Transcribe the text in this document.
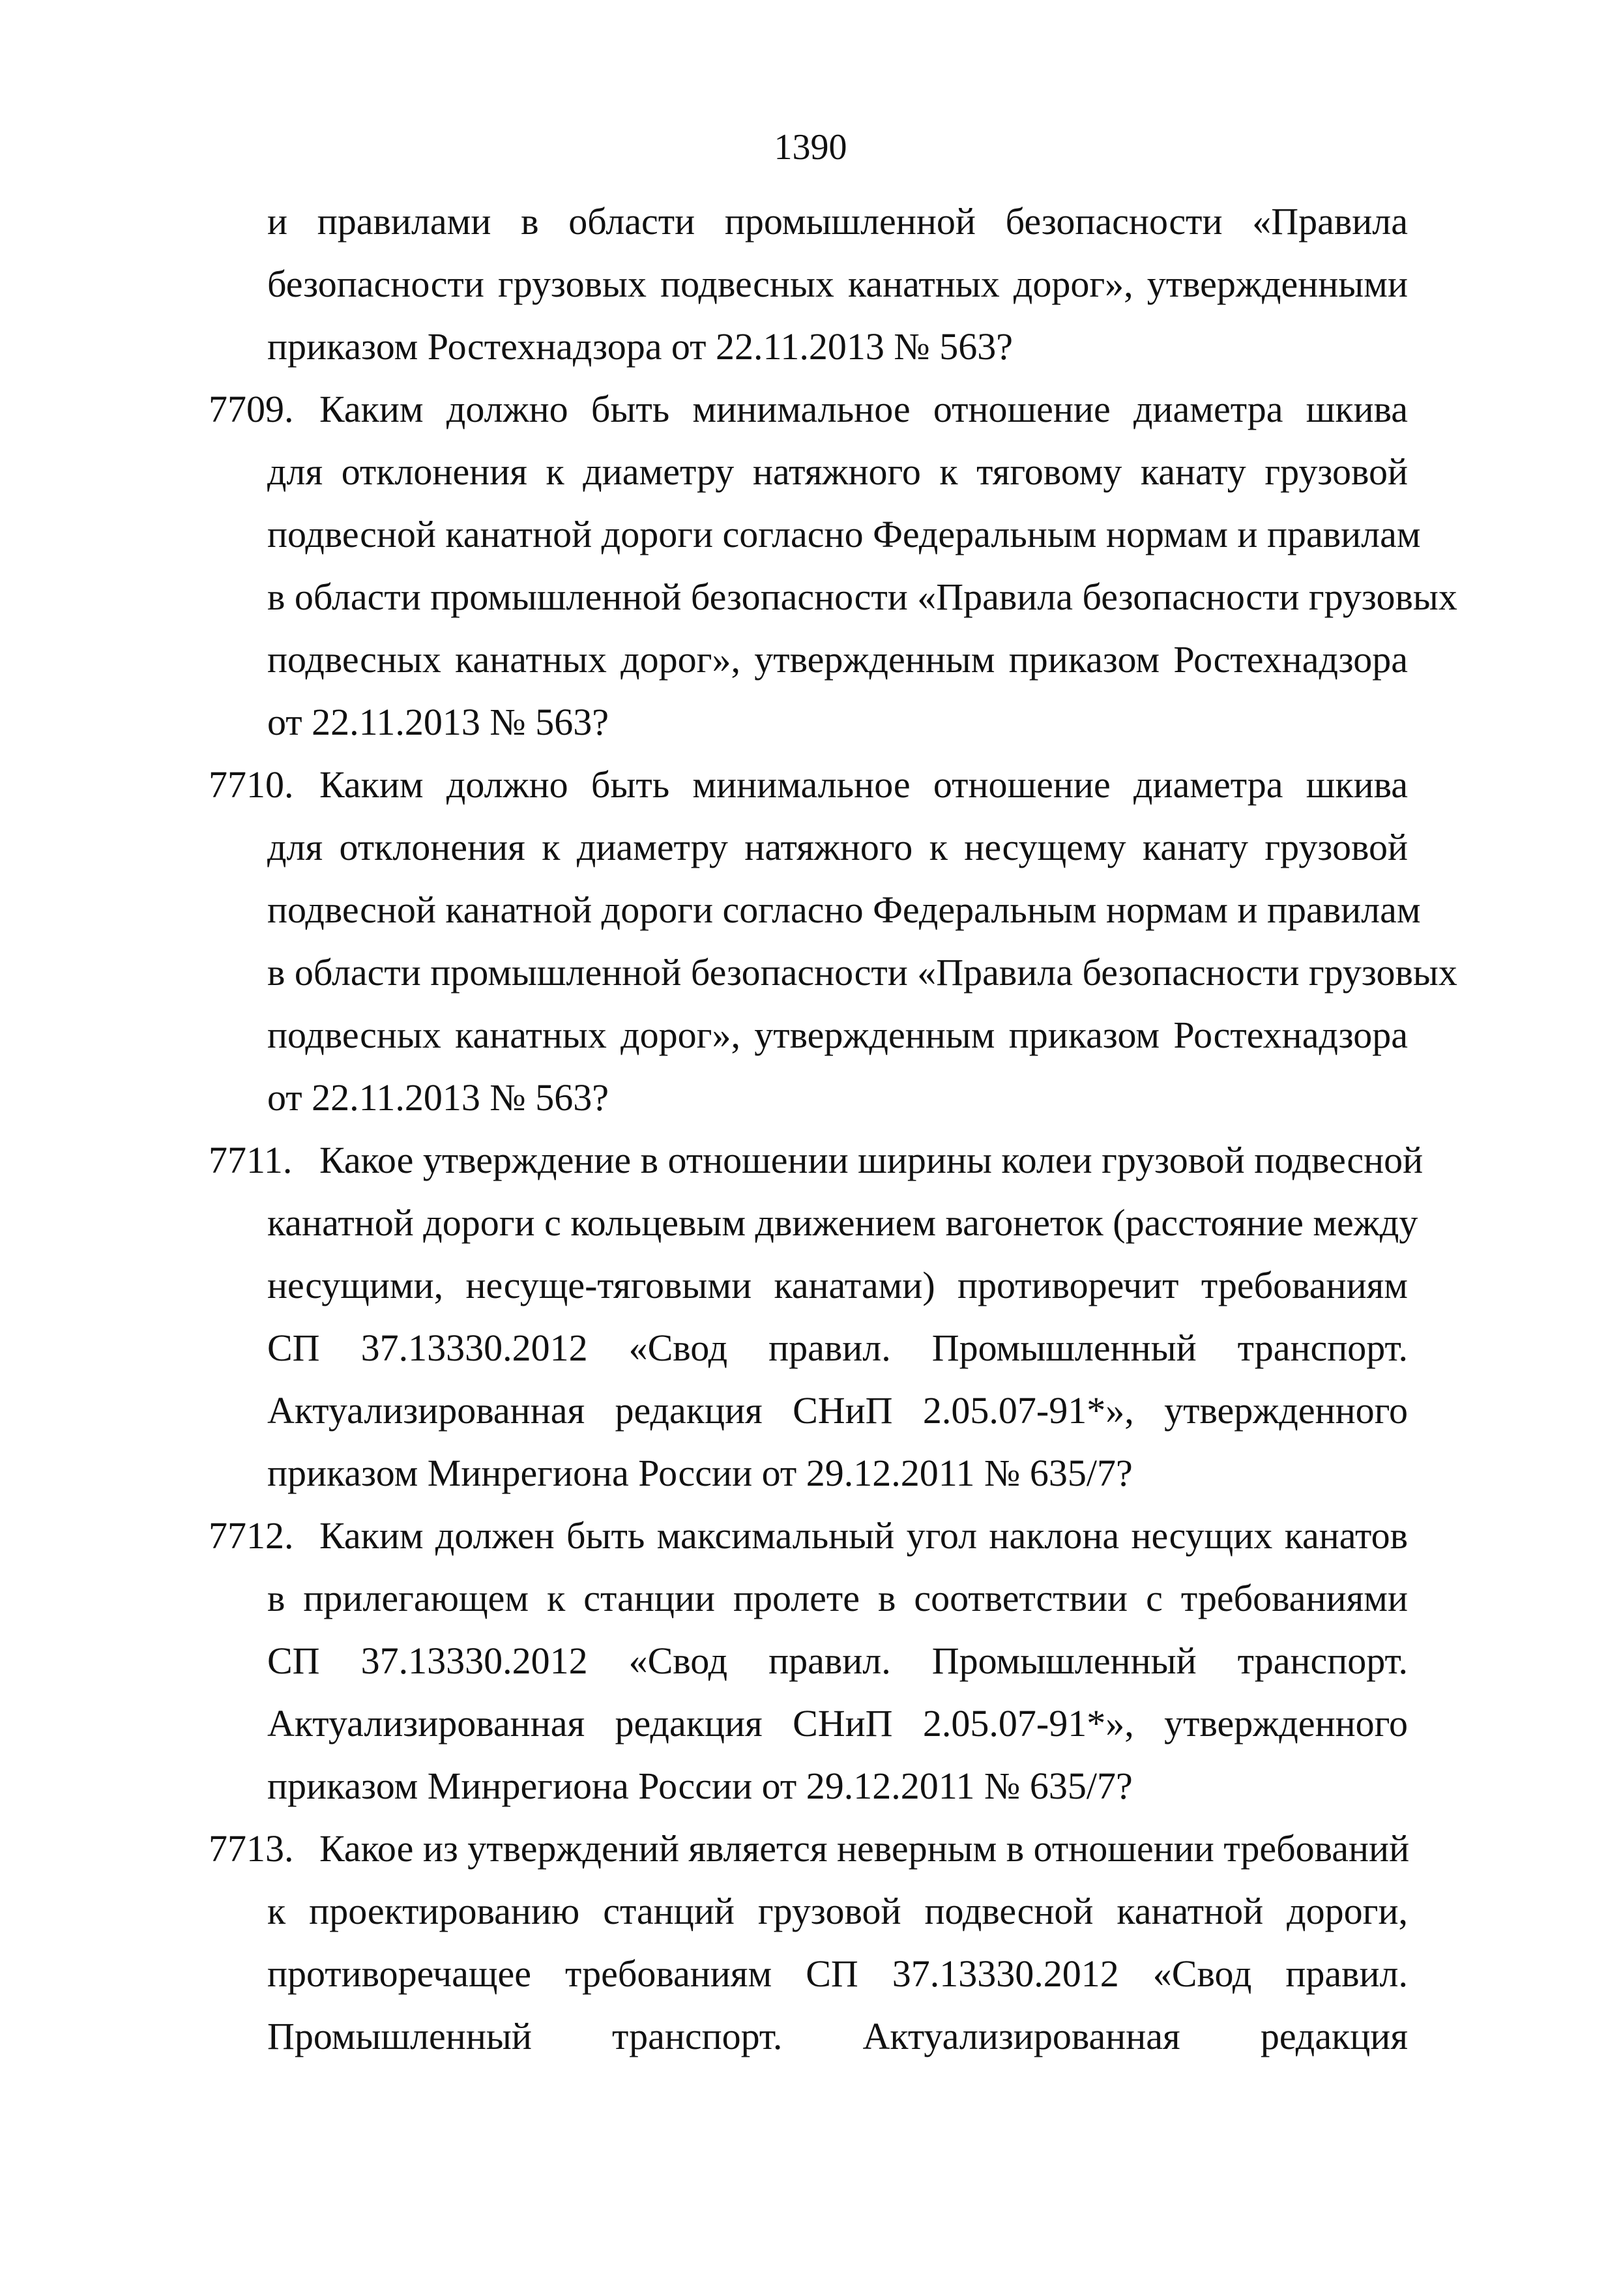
1390
и правилами в области промышленной безопасности «Правила
безопасности грузовых подвесных канатных дорог», утвержденными
приказом Ростехнадзора от 22.11.2013 № 563?
7709. Каким должно быть минимальное отношение диаметра шкива
для отклонения к диаметру натяжного к тяговому канату грузовой
подвесной канатной дороги согласно Федеральным нормам и правилам
в области промышленной безопасности «Правила безопасности грузовых
подвесных канатных дорог», утвержденным приказом Ростехнадзора
от 22.11.2013 № 563?
7710. Каким должно быть минимальное отношение диаметра шкива
для отклонения к диаметру натяжного к несущему канату грузовой
подвесной канатной дороги согласно Федеральным нормам и правилам
в области промышленной безопасности «Правила безопасности грузовых
подвесных канатных дорог», утвержденным приказом Ростехнадзора
от 22.11.2013 № 563?
7711. Какое утверждение в отношении ширины колеи грузовой подвесной
канатной дороги с кольцевым движением вагонеток (расстояние между
несущими, несуще-тяговыми канатами) противоречит требованиям
СП 37.13330.2012 «Свод правил. Промышленный транспорт.
Актуализированная редакция СНиП 2.05.07-91*», утвержденного
приказом Минрегиона России от 29.12.2011 № 635/7?
7712. Каким должен быть максимальный угол наклона несущих канатов
в прилегающем к станции пролете в соответствии с требованиями
СП 37.13330.2012 «Свод правил. Промышленный транспорт.
Актуализированная редакция СНиП 2.05.07-91*», утвержденного
приказом Минрегиона России от 29.12.2011 № 635/7?
7713. Какое из утверждений является неверным в отношении требований
к проектированию станций грузовой подвесной канатной дороги,
противоречащее требованиям СП 37.13330.2012 «Свод правил.
Промышленный транспорт. Актуализированная редакция
